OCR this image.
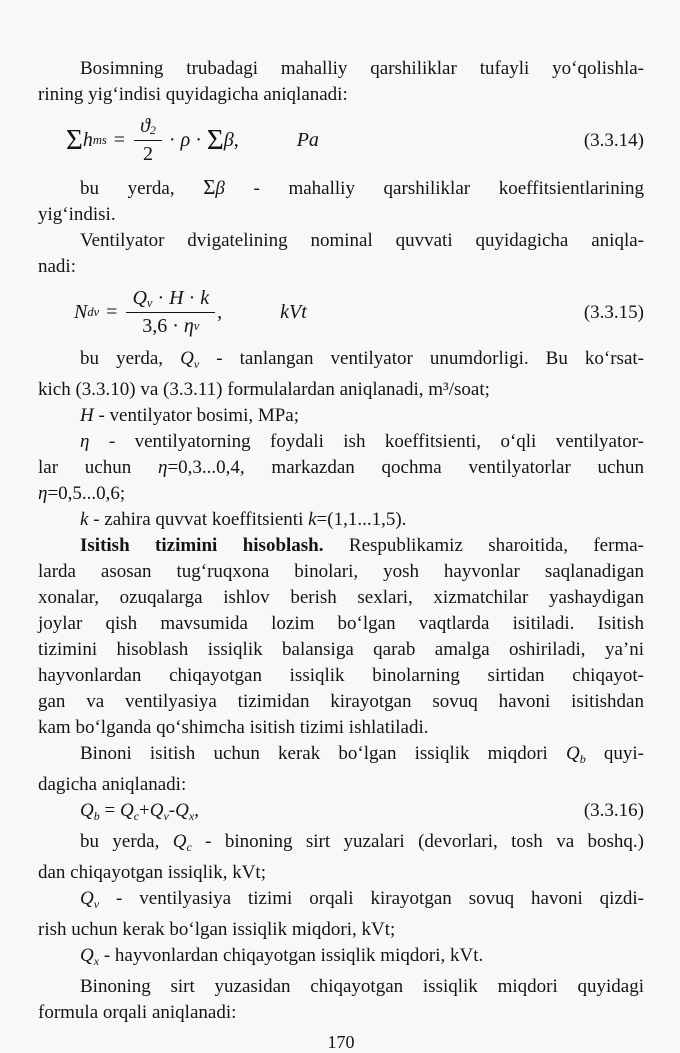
Bosimning trubadagi mahalliy qarshiliklar tufayli yo‘qolishla-
rining yig‘indisi quyidagicha aniqlanadi:
Σ h ms = $\frac{ϑ 2}{2} \cdot \rho \cdot \Sigma$ β,	Pa	(3.3.14)
bu yerda, Σβ - mahalliy qarshiliklar koeffitsientlarining
yig‘indisi.
Ventilyator dvigatelining nominal quvvati quyidagicha aniqla-
nadi:
N dv = $\frac{\text{Q v · H · k}}{\text{3,6 · η v}}$ ,	kVt	(3.3.15)
bu yerda, $Q_v$ - tanlangan ventilyator unumdorligi. Bu ko‘rsat-
kich (3.3.10) va (3.3.11) formulalardan aniqlanadi, m³/soat;
H - ventilyator bosimi, MPa;
η - ventilyatorning foydali ish koeffitsienti, o‘qli ventilyator-
lar uchun η=0,3...0,4, markazdan qochma ventilyatorlar uchun
η=0,5...0,6;
k - zahira quvvat koeffitsienti k=(1,1...1,5).
Isitish tizimini hisoblash. Respublikamiz sharoitida, ferma-
larda asosan tug‘ruqxona binolari, yosh hayvonlar saqlanadigan
xonalar, ozuqalarga ishlov berish sexlari, xizmatchilar yashaydigan
joylar qish mavsumida lozim bo‘lgan vaqtlarda isitiladi. Isitish
tizimini hisoblash issiqlik balansiga qarab amalga oshiriladi, ya’ni
hayvonlardan chiqayotgan issiqlik binolarning sirtidan chiqayot-
gan va ventilyasiya tizimidan kirayotgan sovuq havoni isitishdan
kam bo‘lganda qo‘shimcha isitish tizimi ishlatiladi.
Binoni isitish uchun kerak bo‘lgan issiqlik miqdori $Q_b$ quyi-
dagicha aniqlanadi:
$Q_b = Q_c+Q_v-Q_x$,	(3.3.16)
bu yerda, $Q_c$ - binoning sirt yuzalari (devorlari, tosh va boshq.)
dan chiqayotgan issiqlik, kVt;
$Q_v$ - ventilyasiya tizimi orqali kirayotgan sovuq havoni qizdi-
rish uchun kerak bo‘lgan issiqlik miqdori, kVt;
$Q_x$ - hayvonlardan chiqayotgan issiqlik miqdori, kVt.
Binoning sirt yuzasidan chiqayotgan issiqlik miqdori quyidagi
formula orqali aniqlanadi:
170
